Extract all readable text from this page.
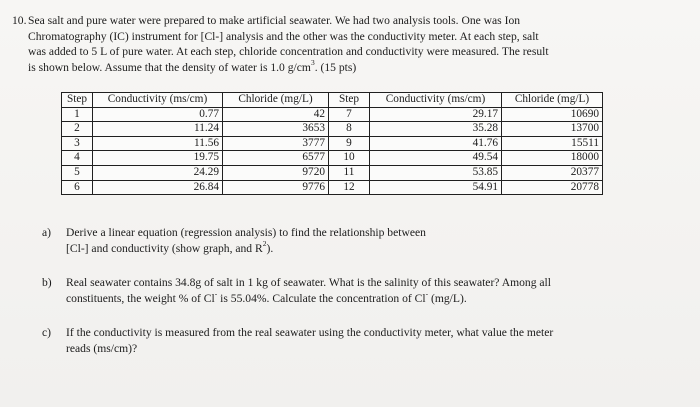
10. Sea salt and pure water were prepared to make artificial seawater. We had two analysis tools. One was Ion

Chromatography (IC) instrument for [Cl-] analysis and the other was the conductivity meter. At each step, salt

was added to 5 L of pure water. At each step, chloride concentration and conductivity were measured. The result

is shown below. Assume that the density of water is 1.0 $g/cm^3$. (15 pts)

Step	Conductivity (ms/cm)	Chloride (mg/L)	Step	Conductivity (ms/cm)	Chloride (mg/L)
1	0.77	42	7	29.17	10690
2	11.24	3653	8	35.28	13700
3	11.56	3777	9	41.76	15511
4	19.75	6577	10	49.54	18000
5	24.29	9720	11	53.85	20377
6	26.84	9776	12	54.91	20778
a) Derive a linear equation (regression analysis) to find the relationship between
[Cl-] and conductivity (show graph, and $R^2$).
b) Real seawater contains 34.8g of salt in 1 kg of seawater. What is the salinity of this seawater? Among all
constituents, the weight % of Cl- is 55.04%. Calculate the concentration of Cl- (mg/L).
c) If the conductivity is measured from the real seawater using the conductivity meter, what value the meter
reads (ms/cm)?
